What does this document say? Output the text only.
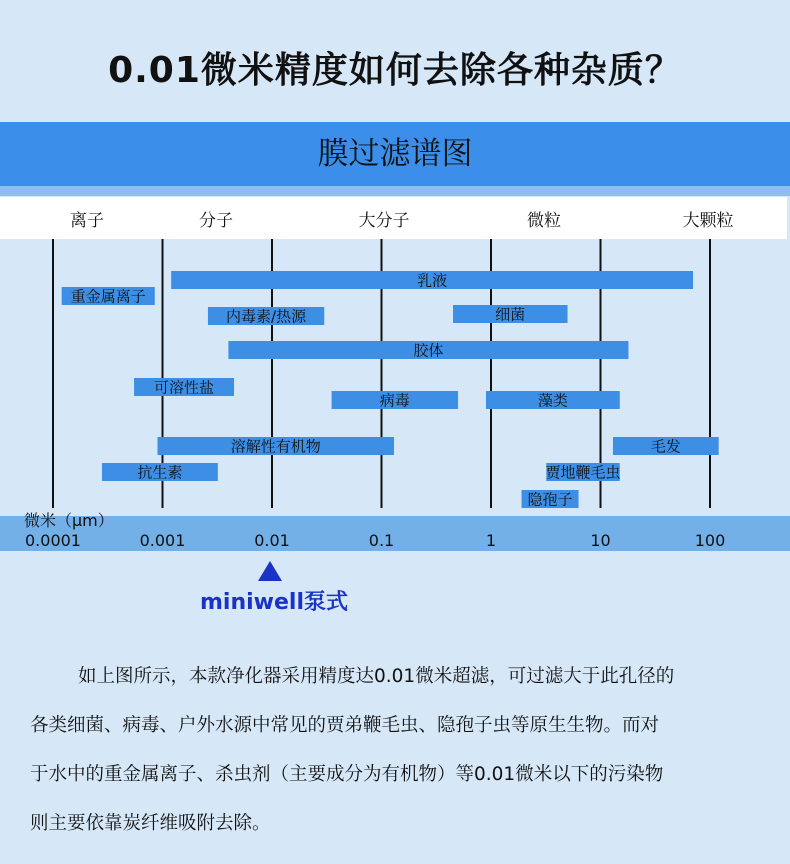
0.01微米精度如何去除各种杂质？
膜过滤谱图
离子	分子	大分子	微粒	大颗粒
微米（μm）
0.0001	0.001	0.01	0.1	1	10	100
乳液
重金属离子
内毒素/热源	细菌
胶体
可溶性盐
病毒	藻类
溶解性有机物	毛发
抗生素	贾地鞭毛虫
隐孢子
miniwell泵式

如上图所示，本款净化器采用精度达0.01微米超滤，可过滤大于此孔径的

各类细菌、病毒、户外水源中常见的贾弟鞭毛虫、隐孢子虫等原生生物。而对

于水中的重金属离子、杀虫剂（主要成分为有机物）等0.01微米以下的污染物

则主要依靠炭纤维吸附去除。
